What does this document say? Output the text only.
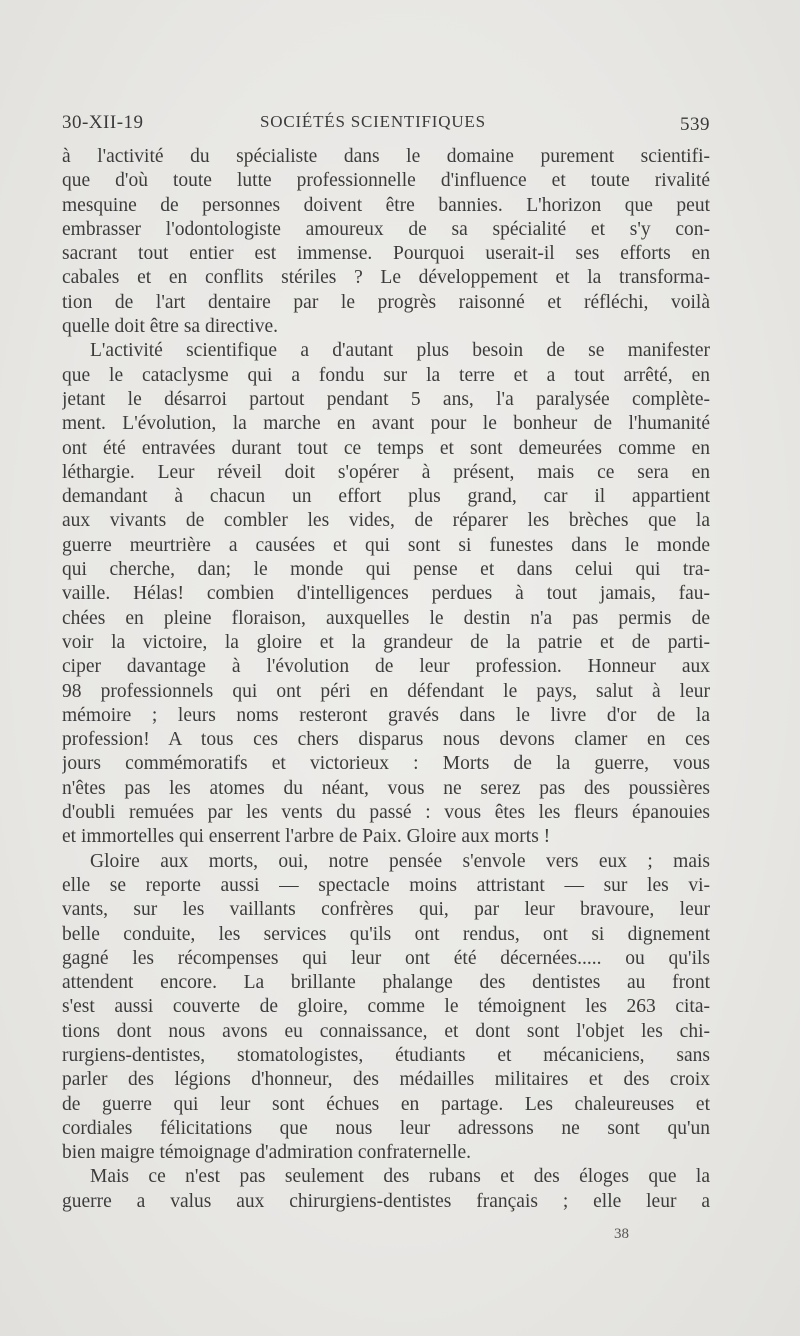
30-XII-19	SOCIÉTÉS SCIENTIFIQUES	539
à l'activité du spécialiste dans le domaine purement scientifi-
que d'où toute lutte professionnelle d'influence et toute rivalité
mesquine de personnes doivent être bannies. L'horizon que peut
embrasser l'odontologiste amoureux de sa spécialité et s'y con-
sacrant tout entier est immense. Pourquoi userait-il ses efforts en
cabales et en conflits stériles ? Le développement et la transforma-
tion de l'art dentaire par le progrès raisonné et réfléchi, voilà
quelle doit être sa directive.
L'activité scientifique a d'autant plus besoin de se manifester
que le cataclysme qui a fondu sur la terre et a tout arrêté, en
jetant le désarroi partout pendant 5 ans, l'a paralysée complète-
ment. L'évolution, la marche en avant pour le bonheur de l'humanité
ont été entravées durant tout ce temps et sont demeurées comme en
léthargie. Leur réveil doit s'opérer à présent, mais ce sera en
demandant à chacun un effort plus grand, car il appartient
aux vivants de combler les vides, de réparer les brèches que la
guerre meurtrière a causées et qui sont si funestes dans le monde
qui cherche, dan; le monde qui pense et dans celui qui tra-
vaille. Hélas! combien d'intelligences perdues à tout jamais, fau-
chées en pleine floraison, auxquelles le destin n'a pas permis de
voir la victoire, la gloire et la grandeur de la patrie et de parti-
ciper davantage à l'évolution de leur profession. Honneur aux
98 professionnels qui ont péri en défendant le pays, salut à leur
mémoire ; leurs noms resteront gravés dans le livre d'or de la
profession! A tous ces chers disparus nous devons clamer en ces
jours commémoratifs et victorieux : Morts de la guerre, vous
n'êtes pas les atomes du néant, vous ne serez pas des poussières
d'oubli remuées par les vents du passé : vous êtes les fleurs épanouies
et immortelles qui enserrent l'arbre de Paix. Gloire aux morts !
Gloire aux morts, oui, notre pensée s'envole vers eux ; mais
elle se reporte aussi — spectacle moins attristant — sur les vi-
vants, sur les vaillants confrères qui, par leur bravoure, leur
belle conduite, les services qu'ils ont rendus, ont si dignement
gagné les récompenses qui leur ont été décernées..... ou qu'ils
attendent encore. La brillante phalange des dentistes au front
s'est aussi couverte de gloire, comme le témoignent les 263 cita-
tions dont nous avons eu connaissance, et dont sont l'objet les chi-
rurgiens-dentistes, stomatologistes, étudiants et mécaniciens, sans
parler des légions d'honneur, des médailles militaires et des croix
de guerre qui leur sont échues en partage. Les chaleureuses et
cordiales félicitations que nous leur adressons ne sont qu'un
bien maigre témoignage d'admiration confraternelle.
Mais ce n'est pas seulement des rubans et des éloges que la
guerre a valus aux chirurgiens-dentistes français ; elle leur a
38
